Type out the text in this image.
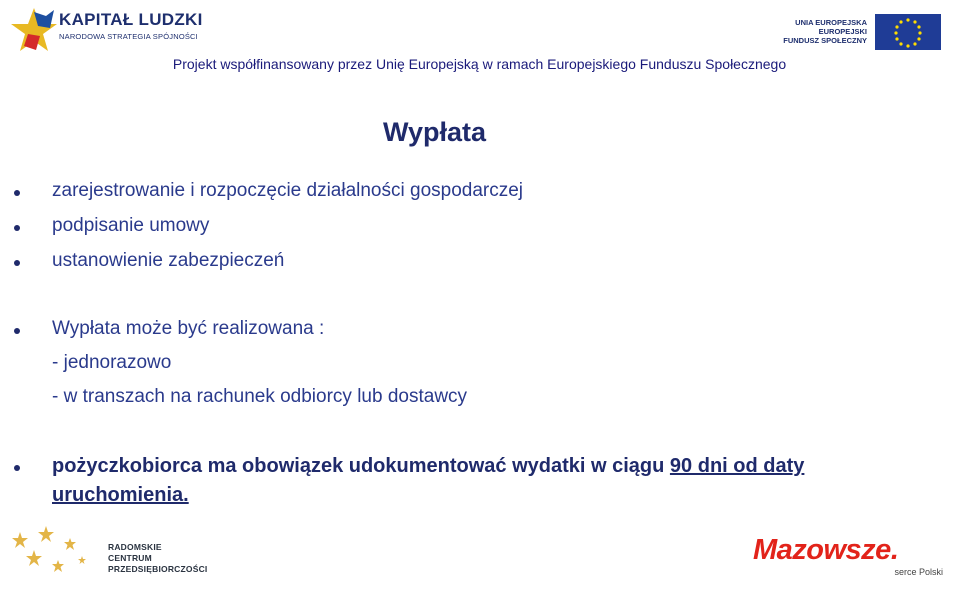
KAPITAŁ LUDZKI
NARODOWA STRATEGIA SPÓJNOŚCI
UNIA EUROPEJSKA
EUROPEJSKI
FUNDUSZ SPOŁECZNY
Projekt współfinansowany przez Unię Europejską w ramach Europejskiego Funduszu Społecznego
Wypłata
zarejestrowanie i rozpoczęcie działalności gospodarczej
podpisanie umowy
ustanowienie zabezpieczeń
Wypłata może być realizowana :
- jednorazowo
- w transzach na rachunek odbiorcy lub dostawcy
pożyczkobiorca ma obowiązek udokumentować wydatki w ciągu 90 dni od daty
uruchomienia.
RADOMSKIE
CENTRUM
PRZEDSIĘBIORCZOŚCI
Mazowsze.
serce Polski
